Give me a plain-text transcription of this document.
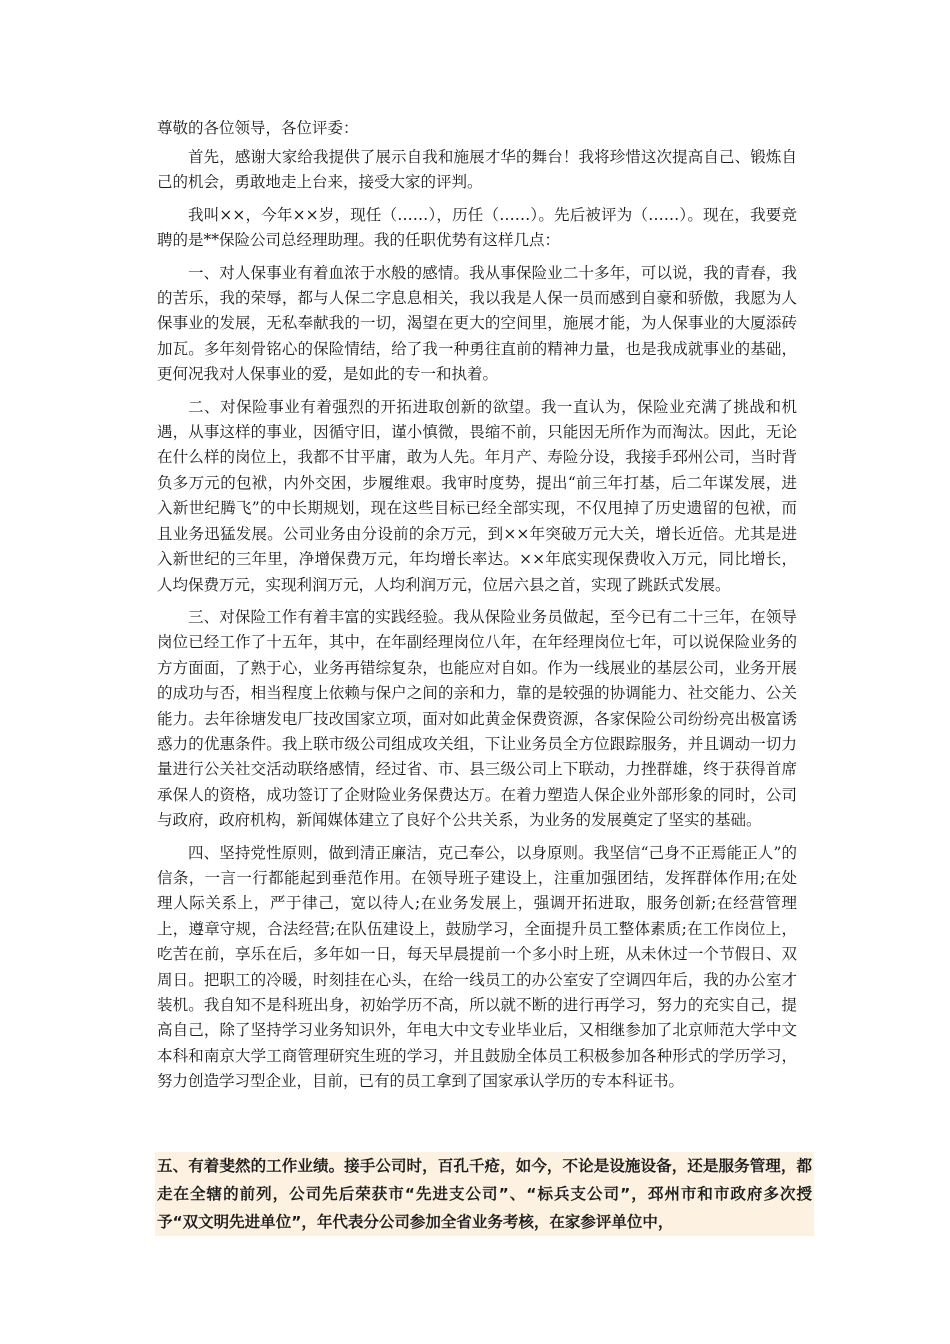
尊敬的各位领导，各位评委：

首先，感谢大家给我提供了展示自我和施展才华的舞台！我将珍惜这次提高自己、锻炼自己的机会，勇敢地走上台来，接受大家的评判。

我叫××，今年××岁，现任（……），历任（……）。先后被评为（……）。现在，我要竞聘的是**保险公司总经理助理。我的任职优势有这样几点：

一、对人保事业有着血浓于水般的感情。我从事保险业二十多年，可以说，我的青春，我的苦乐，我的荣辱，都与人保二字息息相关，我以我是人保一员而感到自豪和骄傲，我愿为人保事业的发展，无私奉献我的一切，渴望在更大的空间里，施展才能，为人保事业的大厦添砖加瓦。多年刻骨铭心的保险情结，给了我一种勇往直前的精神力量，也是我成就事业的基础，更何况我对人保事业的爱，是如此的专一和执着。

二、对保险事业有着强烈的开拓进取创新的欲望。我一直认为，保险业充满了挑战和机遇，从事这样的事业，因循守旧，谨小慎微，畏缩不前，只能因无所作为而淘汰。因此，无论在什么样的岗位上，我都不甘平庸，敢为人先。年月产、寿险分设，我接手邳州公司，当时背负多万元的包袱，内外交困，步履维艰。我审时度势，提出“前三年打基，后二年谋发展，进入新世纪腾飞”的中长期规划，现在这些目标已经全部实现，不仅甩掉了历史遗留的包袱，而且业务迅猛发展。公司业务由分设前的余万元，到××年突破万元大关，增长近倍。尤其是进入新世纪的三年里，净增保费万元，年均增长率达。××年底实现保费收入万元，同比增长，人均保费万元，实现利润万元，人均利润万元，位居六县之首，实现了跳跃式发展。

三、对保险工作有着丰富的实践经验。我从保险业务员做起，至今已有二十三年，在领导岗位已经工作了十五年，其中，在年副经理岗位八年，在年经理岗位七年，可以说保险业务的方方面面，了熟于心，业务再错综复杂，也能应对自如。作为一线展业的基层公司，业务开展的成功与否，相当程度上依赖与保户之间的亲和力，靠的是较强的协调能力、社交能力、公关能力。去年徐塘发电厂技改国家立项，面对如此黄金保费资源，各家保险公司纷纷亮出极富诱惑力的优惠条件。我上联市级公司组成攻关组，下让业务员全方位跟踪服务，并且调动一切力量进行公关社交活动联络感情，经过省、市、县三级公司上下联动，力挫群雄，终于获得首席承保人的资格，成功签订了企财险业务保费达万。在着力塑造人保企业外部形象的同时，公司与政府，政府机构，新闻媒体建立了良好个公共关系，为业务的发展奠定了坚实的基础。

四、坚持党性原则，做到清正廉洁，克己奉公，以身原则。我坚信“己身不正焉能正人”的信条，一言一行都能起到垂范作用。在领导班子建设上，注重加强团结，发挥群体作用;在处理人际关系上，严于律己，宽以待人;在业务发展上，强调开拓进取，服务创新;在经营管理上，遵章守规，合法经营;在队伍建设上，鼓励学习，全面提升员工整体素质;在工作岗位上，吃苦在前，享乐在后，多年如一日，每天早晨提前一个多小时上班，从未休过一个节假日、双周日。把职工的冷暖，时刻挂在心头，在给一线员工的办公室安了空调四年后，我的办公室才装机。我自知不是科班出身，初始学历不高，所以就不断的进行再学习，努力的充实自己，提高自己，除了坚持学习业务知识外，年电大中文专业毕业后，又相继参加了北京师范大学中文本科和南京大学工商管理研究生班的学习，并且鼓励全体员工积极参加各种形式的学历学习，努力创造学习型企业，目前，已有的员工拿到了国家承认学历的专本科证书。

五、有着斐然的工作业绩。接手公司时，百孔千疮，如今，不论是设施设备，还是服务管理，都走在全辖的前列，公司先后荣获市“先进支公司”、“标兵支公司”，邳州市和市政府多次授予“双文明先进单位”，年代表分公司参加全省业务考核，在家参评单位中，
